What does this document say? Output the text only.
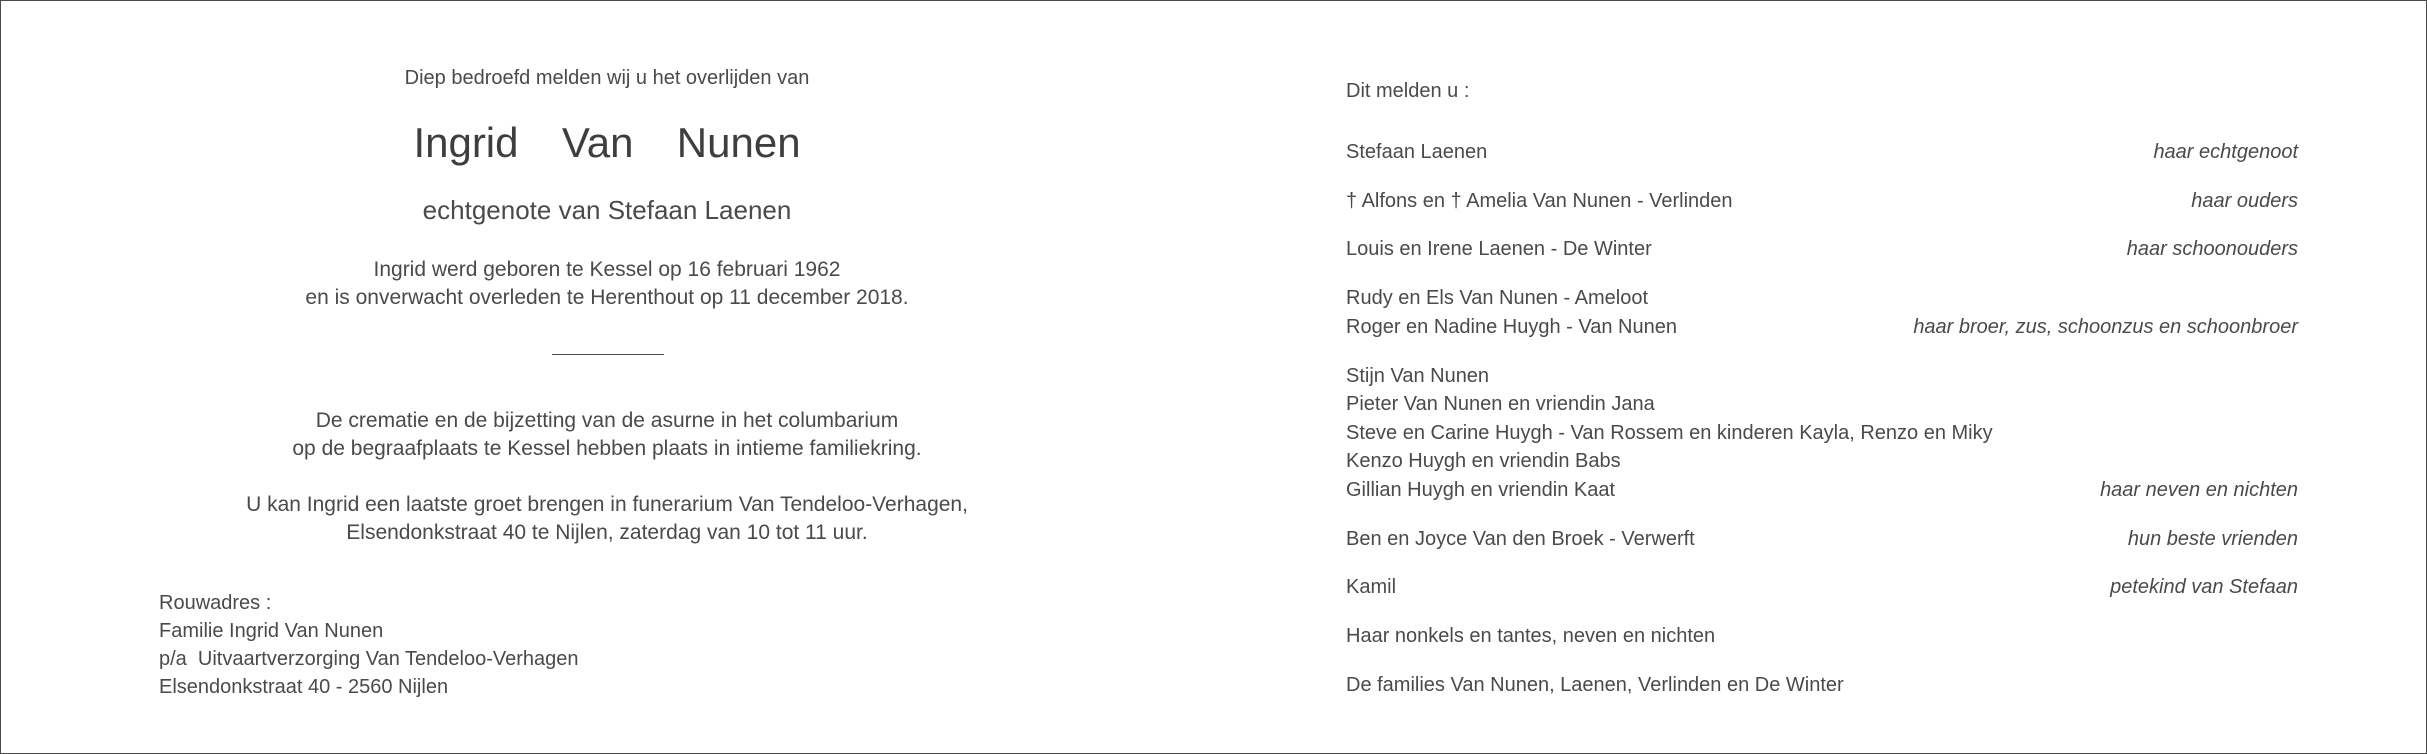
Diep bedroefd melden wij u het overlijden van
Ingrid  Van  Nunen
echtgenote van Stefaan Laenen
Ingrid werd geboren te Kessel op 16 februari 1962
en is onverwacht overleden te Herenthout op 11 december 2018.
De crematie en de bijzetting van de asurne in het columbarium
op de begraafplaats te Kessel hebben plaats in intieme familiekring.
U kan Ingrid een laatste groet brengen in funerarium Van Tendeloo-Verhagen,
Elsendonkstraat 40 te Nijlen, zaterdag van 10 tot 11 uur.
Rouwadres :
Familie Ingrid Van Nunen
p/a  Uitvaartverzorging Van Tendeloo-Verhagen
Elsendonkstraat 40 - 2560 Nijlen
Dit melden u :
Stefaan Laenen	haar echtgenoot
† Alfons en † Amelia Van Nunen - Verlinden	haar ouders
Louis en Irene Laenen - De Winter	haar schoonouders
Rudy en Els Van Nunen - Ameloot
Roger en Nadine Huygh - Van Nunen	haar broer, zus, schoonzus en schoonbroer
Stijn Van Nunen
Pieter Van Nunen en vriendin Jana
Steve en Carine Huygh - Van Rossem en kinderen Kayla, Renzo en Miky
Kenzo Huygh en vriendin Babs
Gillian Huygh en vriendin Kaat	haar neven en nichten
Ben en Joyce Van den Broek - Verwerft	hun beste vrienden
Kamil	petekind van Stefaan
Haar nonkels en tantes, neven en nichten
De families Van Nunen, Laenen, Verlinden en De Winter
